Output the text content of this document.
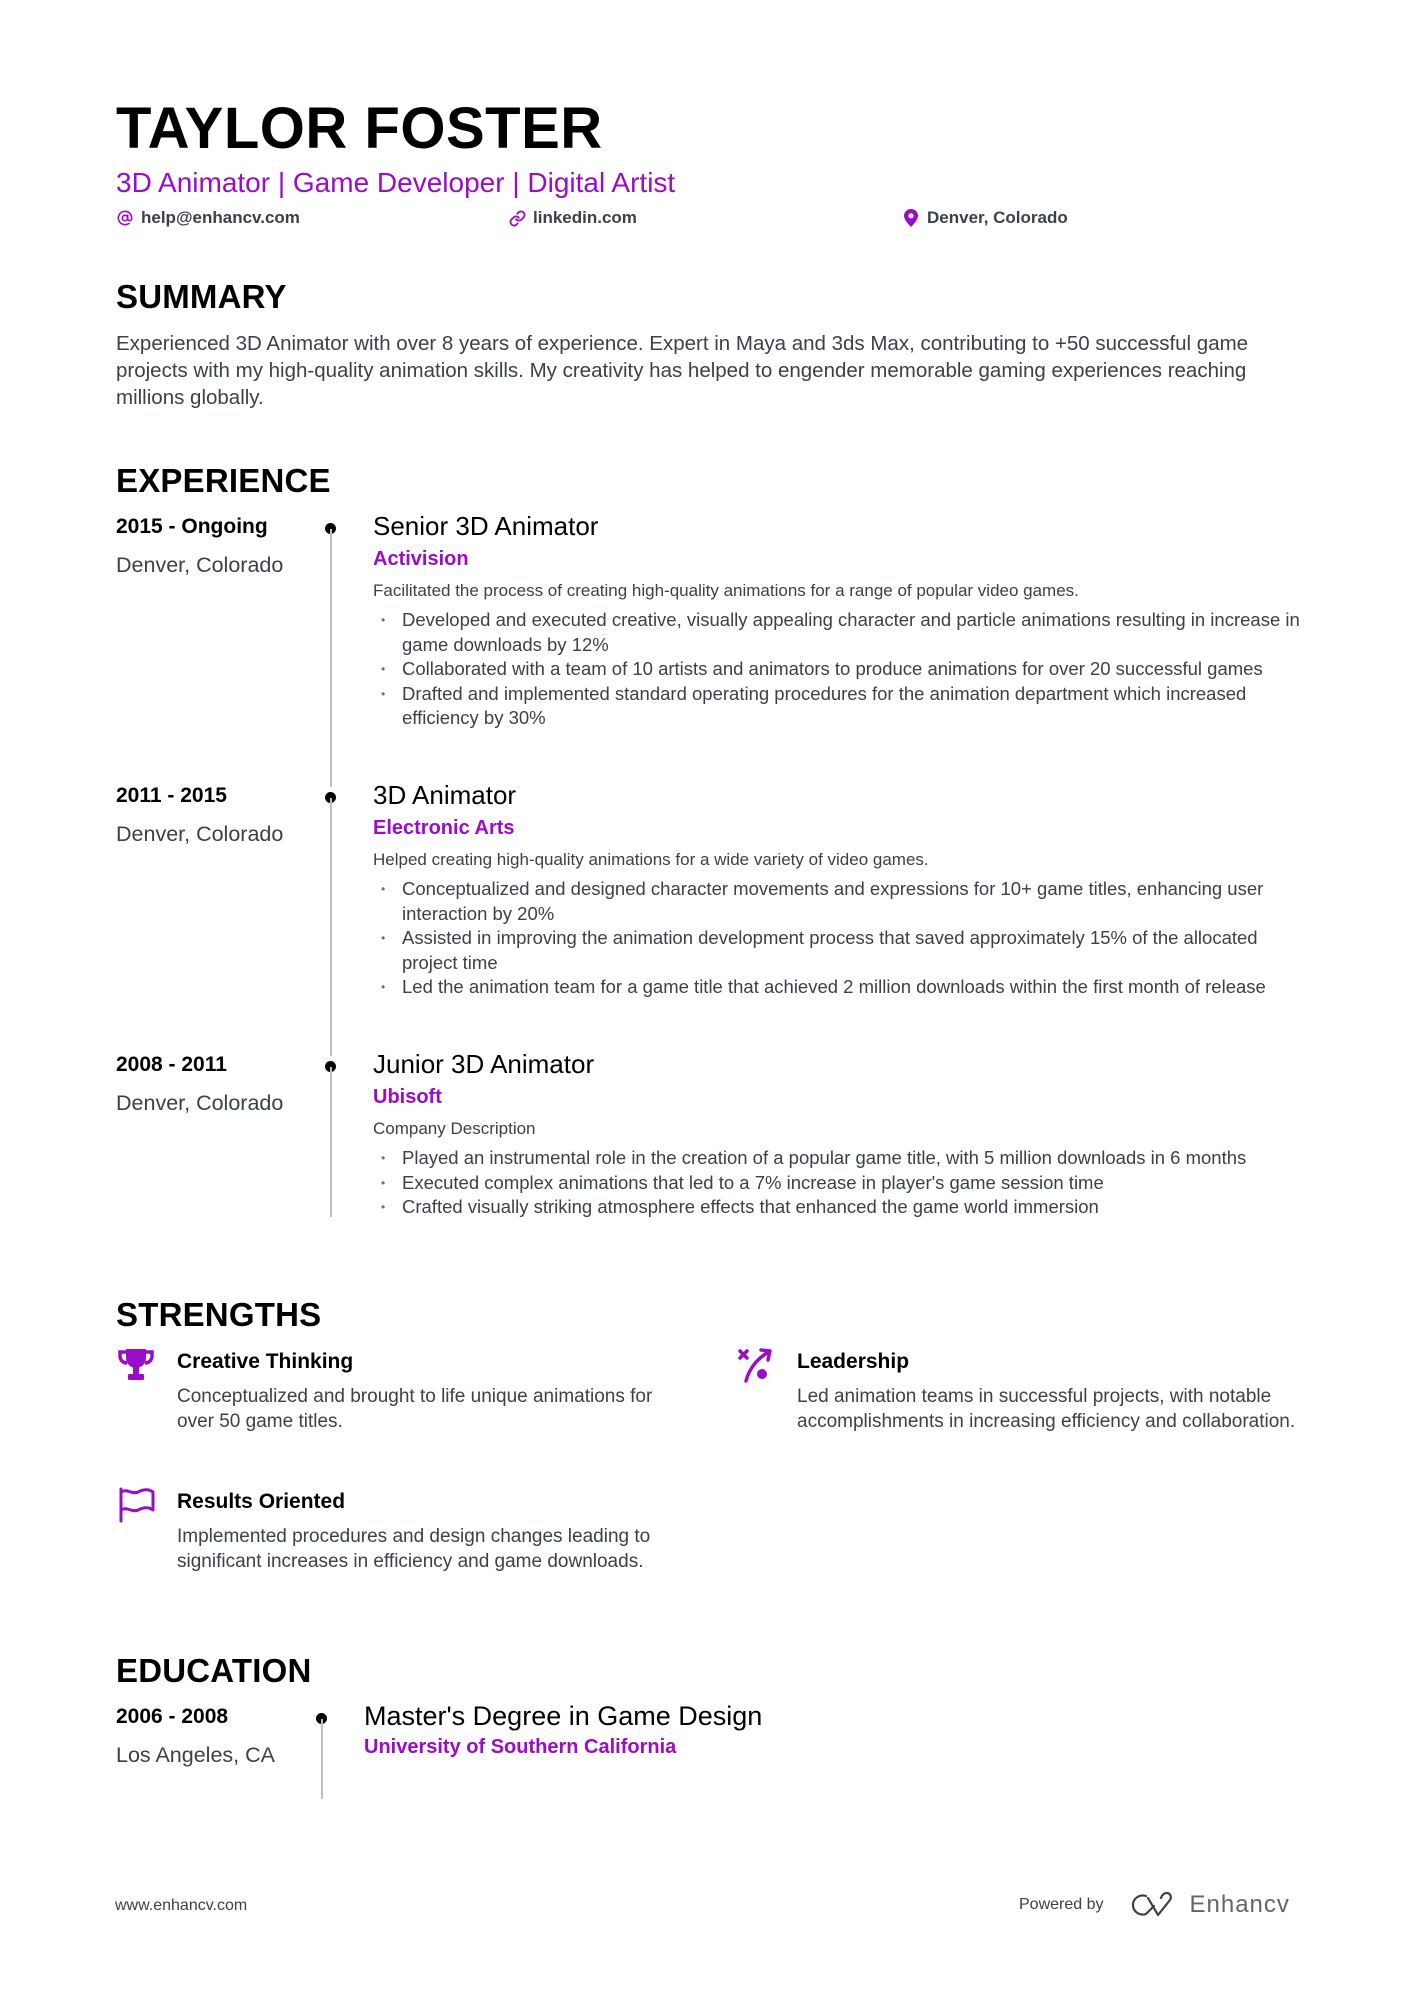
TAYLOR FOSTER
3D Animator | Game Developer | Digital Artist
help@enhancv.com	linkedin.com	Denver, Colorado
SUMMARY
Experienced 3D Animator with over 8 years of experience. Expert in Maya and 3ds Max, contributing to +50 successful game projects with my high-quality animation skills. My creativity has helped to engender memorable gaming experiences reaching millions globally.
EXPERIENCE
2015 - Ongoing
Denver, Colorado
Senior 3D Animator
Activision
Facilitated the process of creating high-quality animations for a range of popular video games.
• Developed and executed creative, visually appealing character and particle animations resulting in increase in game downloads by 12%
• Collaborated with a team of 10 artists and animators to produce animations for over 20 successful games
• Drafted and implemented standard operating procedures for the animation department which increased efficiency by 30%
2011 - 2015
Denver, Colorado
3D Animator
Electronic Arts
Helped creating high-quality animations for a wide variety of video games.
• Conceptualized and designed character movements and expressions for 10+ game titles, enhancing user interaction by 20%
• Assisted in improving the animation development process that saved approximately 15% of the allocated project time
• Led the animation team for a game title that achieved 2 million downloads within the first month of release
2008 - 2011
Denver, Colorado
Junior 3D Animator
Ubisoft
Company Description
• Played an instrumental role in the creation of a popular game title, with 5 million downloads in 6 months
• Executed complex animations that led to a 7% increase in player's game session time
• Crafted visually striking atmosphere effects that enhanced the game world immersion
STRENGTHS
Creative Thinking
Conceptualized and brought to life unique animations for over 50 game titles.
Leadership
Led animation teams in successful projects, with notable accomplishments in increasing efficiency and collaboration.
Results Oriented
Implemented procedures and design changes leading to significant increases in efficiency and game downloads.
EDUCATION
2006 - 2008
Los Angeles, CA
Master's Degree in Game Design
University of Southern California
www.enhancv.com	Powered by	Enhancv
